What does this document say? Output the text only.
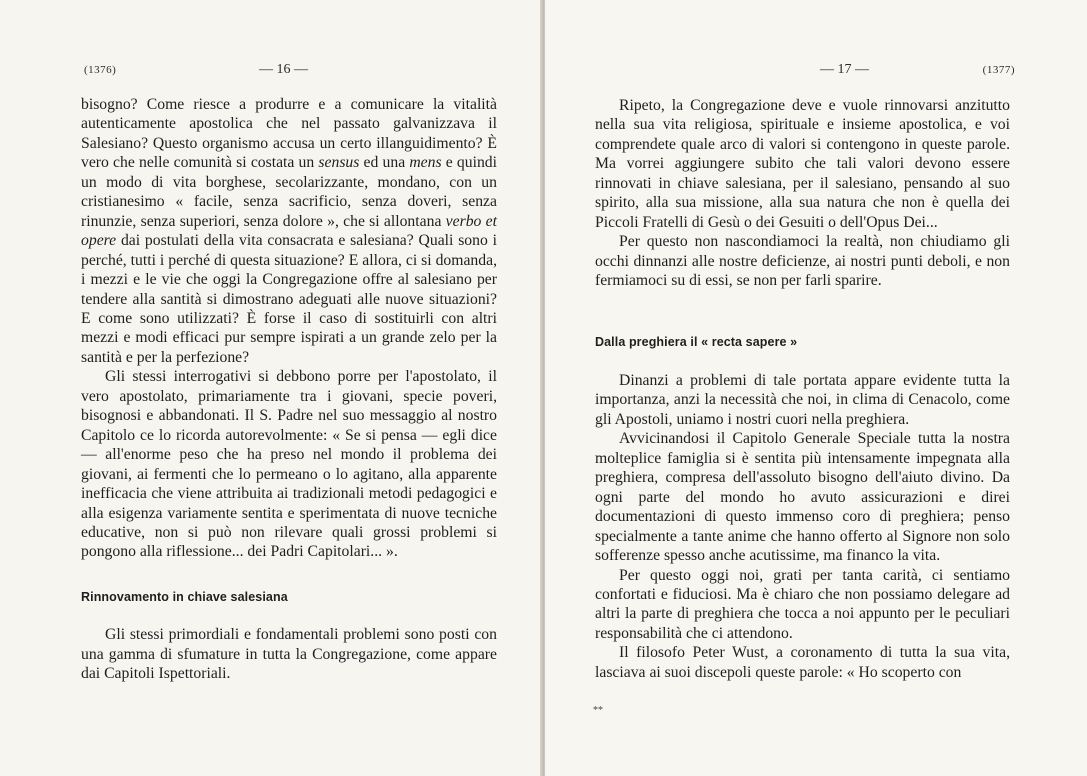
(1376)	— 16 —

bisogno? Come riesce a produrre e a comunicare la vitalità autenticamente apostolica che nel passato galvanizzava il Salesiano? Questo organismo accusa un certo illanguidimento? È vero che nelle comunità si costata un sensus ed una mens e quindi un modo di vita borghese, secolarizzante, mondano, con un cristianesimo « facile, senza sacrificio, senza doveri, senza rinunzie, senza superiori, senza dolore », che si allontana verbo et opere dai postulati della vita consacrata e salesiana? Quali sono i perché, tutti i perché di questa situazione? E allora, ci si domanda, i mezzi e le vie che oggi la Congregazione offre al salesiano per tendere alla santità si dimostrano adeguati alle nuove situazioni? E come sono utilizzati? È forse il caso di sostituirli con altri mezzi e modi efficaci pur sempre ispirati a un grande zelo per la santità e per la perfezione?

Gli stessi interrogativi si debbono porre per l'apostolato, il vero apostolato, primariamente tra i giovani, specie poveri, bisognosi e abbandonati. Il S. Padre nel suo messaggio al nostro Capitolo ce lo ricorda autorevolmente: « Se si pensa — egli dice — all'enorme peso che ha preso nel mondo il problema dei giovani, ai fermenti che lo permeano o lo agitano, alla apparente inefficacia che viene attribuita ai tradizionali metodi pedagogici e alla esigenza variamente sentita e sperimentata di nuove tecniche educative, non si può non rilevare quali grossi problemi si pongono alla riflessione... dei Padri Capitolari... ».

Rinnovamento in chiave salesiana

Gli stessi primordiali e fondamentali problemi sono posti con una gamma di sfumature in tutta la Congregazione, come appare dai Capitoli Ispettoriali.

— 17 —	(1377)

Ripeto, la Congregazione deve e vuole rinnovarsi anzitutto nella sua vita religiosa, spirituale e insieme apostolica, e voi comprendete quale arco di valori si contengono in queste parole. Ma vorrei aggiungere subito che tali valori devono essere rinnovati in chiave salesiana, per il salesiano, pensando al suo spirito, alla sua missione, alla sua natura che non è quella dei Piccoli Fratelli di Gesù o dei Gesuiti o dell'Opus Dei...

Per questo non nascondiamoci la realtà, non chiudiamo gli occhi dinnanzi alle nostre deficienze, ai nostri punti deboli, e non fermiamoci su di essi, se non per farli sparire.

Dalla preghiera il « recta sapere »

Dinanzi a problemi di tale portata appare evidente tutta la importanza, anzi la necessità che noi, in clima di Cenacolo, come gli Apostoli, uniamo i nostri cuori nella preghiera.

Avvicinandosi il Capitolo Generale Speciale tutta la nostra molteplice famiglia si è sentita più intensamente impegnata alla preghiera, compresa dell'assoluto bisogno dell'aiuto divino. Da ogni parte del mondo ho avuto assicurazioni e direi documentazioni di questo immenso coro di preghiera; penso specialmente a tante anime che hanno offerto al Signore non solo sofferenze spesso anche acutissime, ma financo la vita.

Per questo oggi noi, grati per tanta carità, ci sentiamo confortati e fiduciosi. Ma è chiaro che non possiamo delegare ad altri la parte di preghiera che tocca a noi appunto per le peculiari responsabilità che ci attendono.

Il filosofo Peter Wust, a coronamento di tutta la sua vita, lasciava ai suoi discepoli queste parole: « Ho scoperto con

**
